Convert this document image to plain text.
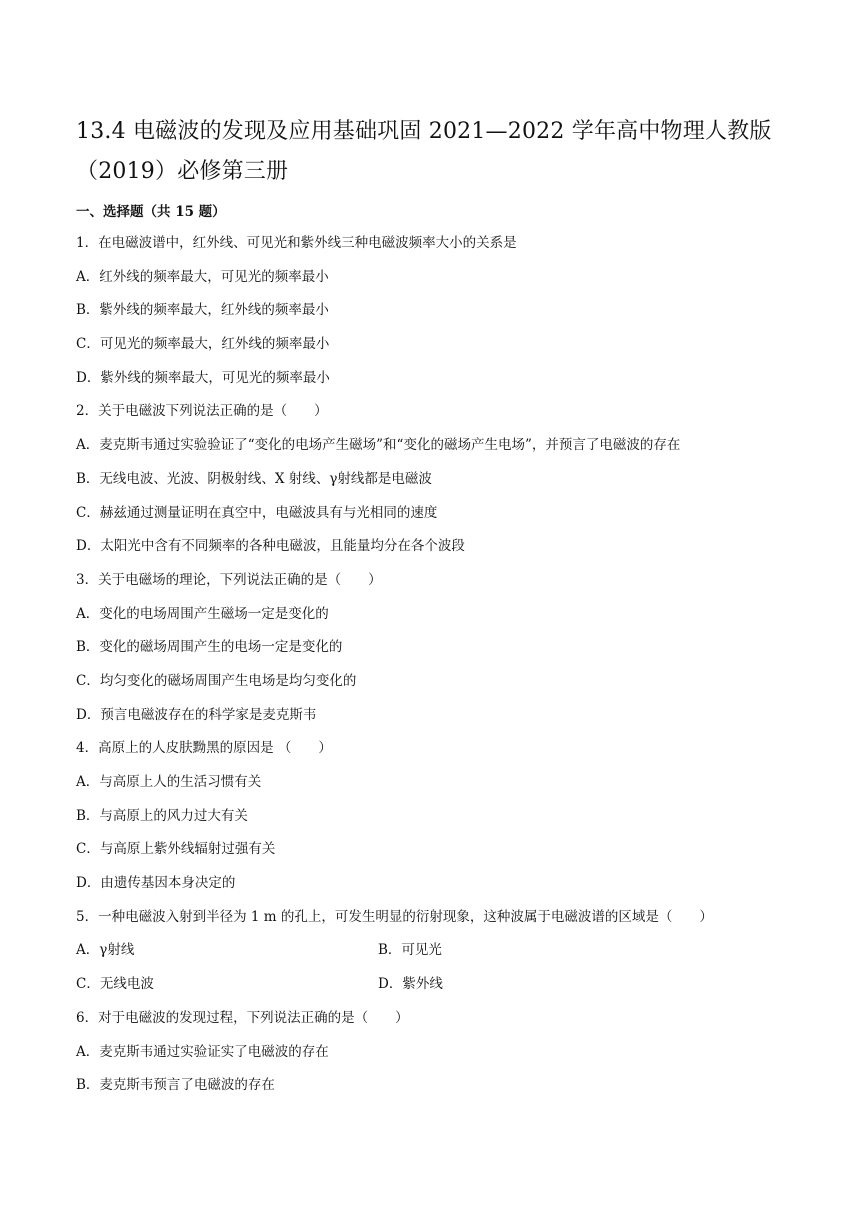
13.4 电磁波的发现及应用基础巩固 2021—2022 学年高中物理人教版（2019）必修第三册
一、选择题（共 15 题）
1．在电磁波谱中，红外线、可见光和紫外线三种电磁波频率大小的关系是
A．红外线的频率最大，可见光的频率最小
B．紫外线的频率最大，红外线的频率最小
C．可见光的频率最大，红外线的频率最小
D．紫外线的频率最大，可见光的频率最小
2．关于电磁波下列说法正确的是（　　）
A．麦克斯韦通过实验验证了“变化的电场产生磁场”和“变化的磁场产生电场”，并预言了电磁波的存在
B．无线电波、光波、阴极射线、X 射线、γ射线都是电磁波
C．赫兹通过测量证明在真空中，电磁波具有与光相同的速度
D．太阳光中含有不同频率的各种电磁波，且能量均分在各个波段
3．关于电磁场的理论，下列说法正确的是（　　）
A．变化的电场周围产生磁场一定是变化的
B．变化的磁场周围产生的电场一定是变化的
C．均匀变化的磁场周围产生电场是均匀变化的
D．预言电磁波存在的科学家是麦克斯韦
4．高原上的人皮肤黝黑的原因是 （　　）
A．与高原上人的生活习惯有关
B．与高原上的风力过大有关
C．与高原上紫外线辐射过强有关
D．由遗传基因本身决定的
5．一种电磁波入射到半径为 1 m 的孔上，可发生明显的衍射现象，这种波属于电磁波谱的区域是（　　）
A．γ射线	B．可见光
C．无线电波	D．紫外线
6．对于电磁波的发现过程，下列说法正确的是（　　）
A．麦克斯韦通过实验证实了电磁波的存在
B．麦克斯韦预言了电磁波的存在
